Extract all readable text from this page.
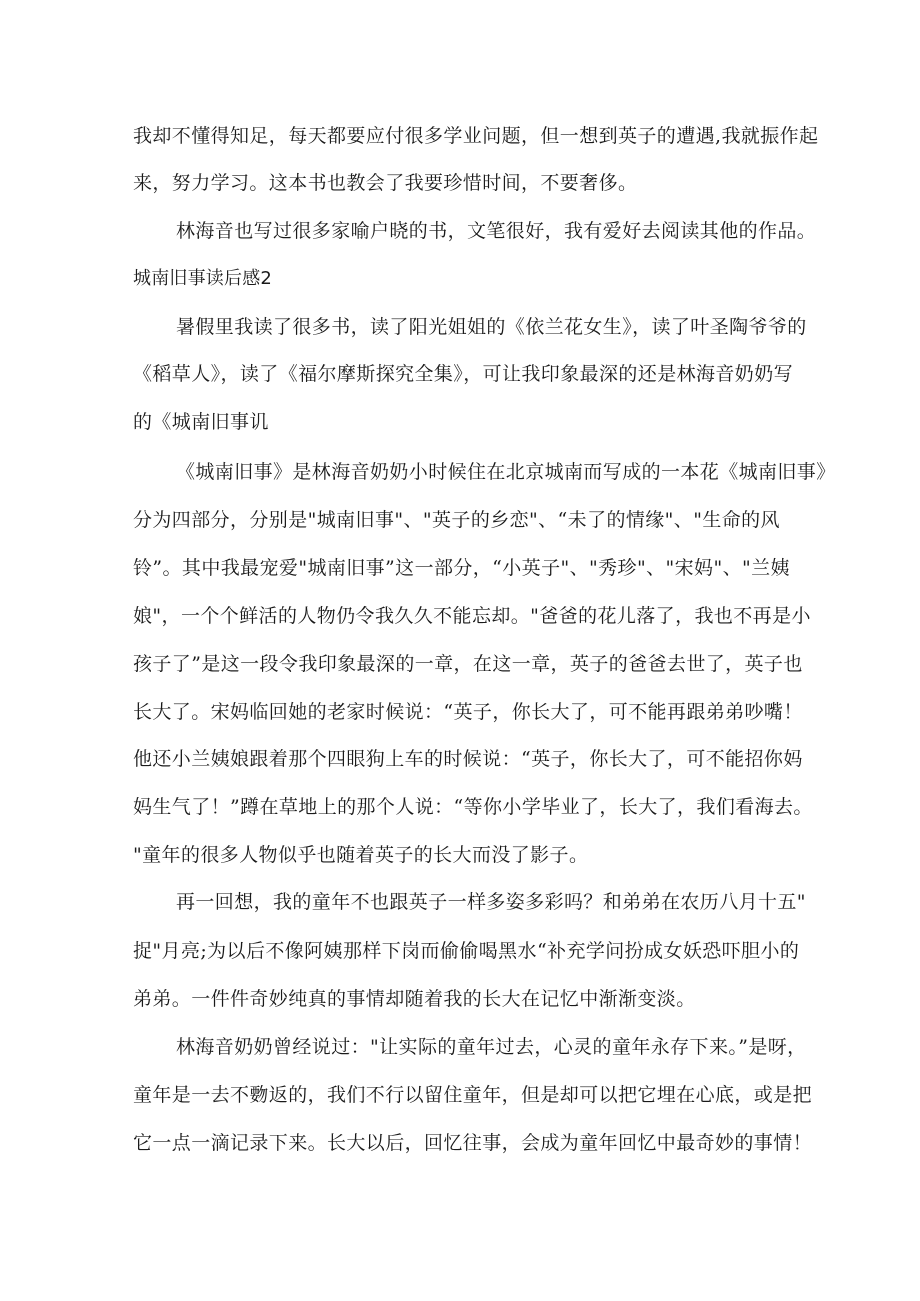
我却不懂得知足，每天都要应付很多学业问题，但一想到英子的遭遇,我就振作起
来，努力学习。这本书也教会了我要珍惜时间，不要奢侈。
林海音也写过很多家喻户晓的书，文笔很好，我有爱好去阅读其他的作品。
城南旧事读后感2
暑假里我读了很多书，读了阳光姐姐的《依兰花女生》，读了叶圣陶爷爷的
《稻草人》，读了《福尔摩斯探究全集》，可让我印象最深的还是林海音奶奶写
的《城南旧事讥
《城南旧事》是林海音奶奶小时候住在北京城南而写成的一本花《城南旧事》
分为四部分，分别是"城南旧事"、"英子的乡恋"、“未了的情缘"、"生命的风
铃”。其中我最宠爱"城南旧事”这一部分，“小英子"、"秀珍"、"宋妈"、"兰姨
娘"，一个个鲜活的人物仍令我久久不能忘却。"爸爸的花儿落了，我也不再是小
孩子了”是这一段令我印象最深的一章，在这一章，英子的爸爸去世了，英子也
长大了。宋妈临回她的老家时候说：“英子，你长大了，可不能再跟弟弟吵嘴！
他还小兰姨娘跟着那个四眼狗上车的时候说：“英子，你长大了，可不能招你妈
妈生气了！”蹲在草地上的那个人说：“等你小学毕业了，长大了，我们看海去。
"童年的很多人物似乎也随着英子的长大而没了影子。
再一回想，我的童年不也跟英子一样多姿多彩吗？和弟弟在农历八月十五"
捉"月亮;为以后不像阿姨那样下岗而偷偷喝黑水“补充学问扮成女妖恐吓胆小的
弟弟。一件件奇妙纯真的事情却随着我的长大在记忆中渐渐变淡。
林海音奶奶曾经说过："让实际的童年过去，心灵的童年永存下来。”是呀，
童年是一去不覅返的，我们不行以留住童年，但是却可以把它埋在心底，或是把
它一点一滴记录下来。长大以后，回忆往事，会成为童年回忆中最奇妙的事情！
